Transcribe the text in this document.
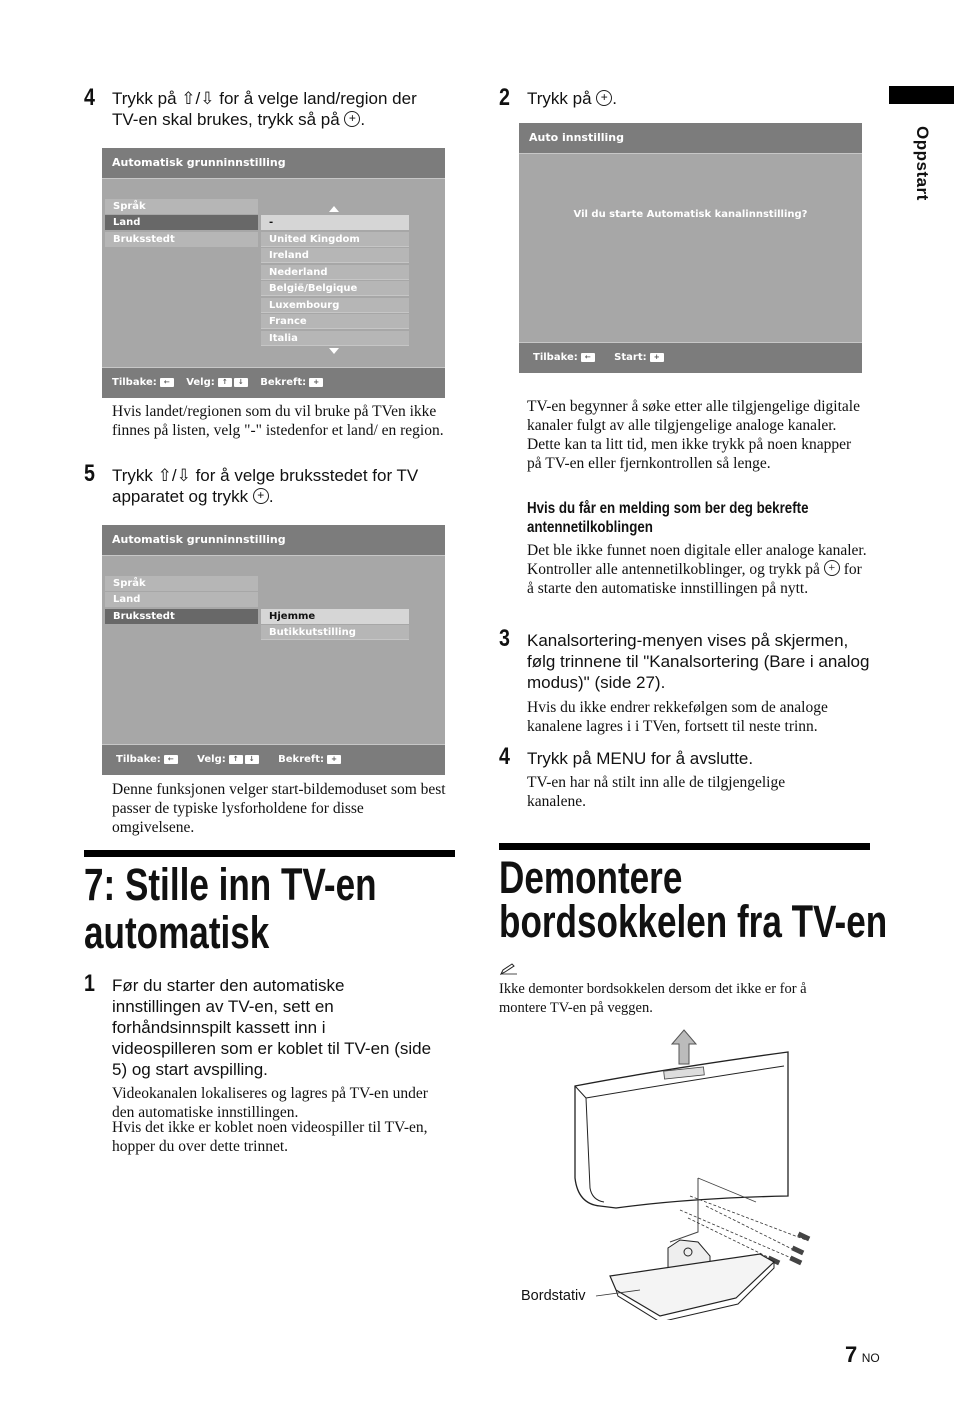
Oppstart
4 Trykk på ⇧/⇩ for å velge land/region der
TV-en skal brukes, trykk så på +.
Automatisk grunninnstilling
Språk
Land
Bruksstedt
-
United Kingdom
Ireland
Nederland
België/Belgique
Luxembourg
France
Italia
Tilbake: ← Velg: ↑ ↓ Bekreft: +
Hvis landet/regionen som du vil bruke på TVen ikke finnes på listen, velg "-" istedenfor et land/ en region.
5 Trykk ⇧/⇩ for å velge bruksstedet for TV
apparatet og trykk +.
Automatisk grunninnstilling
Språk
Land
Bruksstedt	Hjemme
Butikkutstilling
Tilbake: ← Velg: ↑ ↓ Bekreft: +
Denne funksjonen velger start-bildemoduset som best passer de typiske lysforholdene for disse omgivelsene.
7: Stille inn TV-en
automatisk
1 Før du starter den automatiske innstillingen av TV-en, sett en forhåndsinnspilt kassett inn i videospilleren som er koblet til TV-en (side 5) og start avspilling.
Videokanalen lokaliseres og lagres på TV-en under den automatiske innstillingen.
Hvis det ikke er koblet noen videospiller til TV-en, hopper du over dette trinnet.
2 Trykk på +.
Auto innstilling
Vil du starte Automatisk kanalinnstilling?
Tilbake: ← Start: +
TV-en begynner å søke etter alle tilgjengelige digitale kanaler fulgt av alle tilgjengelige analoge kanaler. Dette kan ta litt tid, men ikke trykk på noen knapper på TV-en eller fjernkontrollen så lenge.
Hvis du får en melding som ber deg bekrefte antennetilkoblingen
Det ble ikke funnet noen digitale eller analoge kanaler. Kontroller alle antennetilkoblinger, og trykk på + for å starte den automatiske innstillingen på nytt.
3 Kanalsortering-menyen vises på skjermen, følg trinnene til "Kanalsortering (Bare i analog modus)" (side 27).
Hvis du ikke endrer rekkefølgen som de analoge kanalene lagres i i TVen, fortsett til neste trinn.
4 Trykk på MENU for å avslutte.
TV-en har nå stilt inn alle de tilgjengelige kanalene.
Demontere
bordsokkelen fra TV-en
Ikke demonter bordsokkelen dersom det ikke er for å montere TV-en på veggen.
Bordstativ
7 NO
